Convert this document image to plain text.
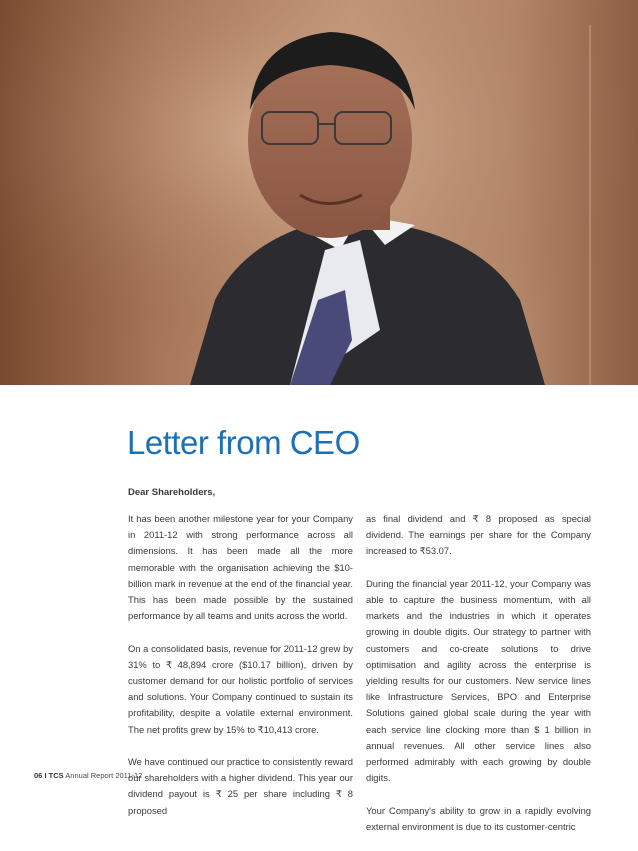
Letter from CEO

Dear Shareholders,

It has been another milestone year for your Company in 2011-12 with strong performance across all dimensions. It has been made all the more memorable with the organisation achieving the $10-billion mark in revenue at the end of the financial year. This has been made possible by the sustained performance by all teams and units across the world.

On a consolidated basis, revenue for 2011-12 grew by 31% to ₹ 48,894 crore ($10.17 billion), driven by customer demand for our holistic portfolio of services and solutions. Your Company continued to sustain its profitability, despite a volatile external environment. The net profits grew by 15% to ₹10,413 crore.

We have continued our practice to consistently reward our shareholders with a higher dividend. This year our dividend payout is ₹ 25 per share including ₹ 8 proposed

as final dividend and ₹ 8 proposed as special dividend. The earnings per share for the Company increased to ₹53.07.

During the financial year 2011-12, your Company was able to capture the business momentum, with all markets and the industries in which it operates growing in double digits. Our strategy to partner with customers and co-create solutions to drive optimisation and agility across the enterprise is yielding results for our customers. New service lines like Infrastructure Services, BPO and Enterprise Solutions gained global scale during the year with each service line clocking more than $ 1 billion in annual revenues. All other service lines also performed admirably with each growing by double digits.

Your Company's ability to grow in a rapidly evolving external environment is due to its customer-centric

06 I TCS Annual Report 2011-12
